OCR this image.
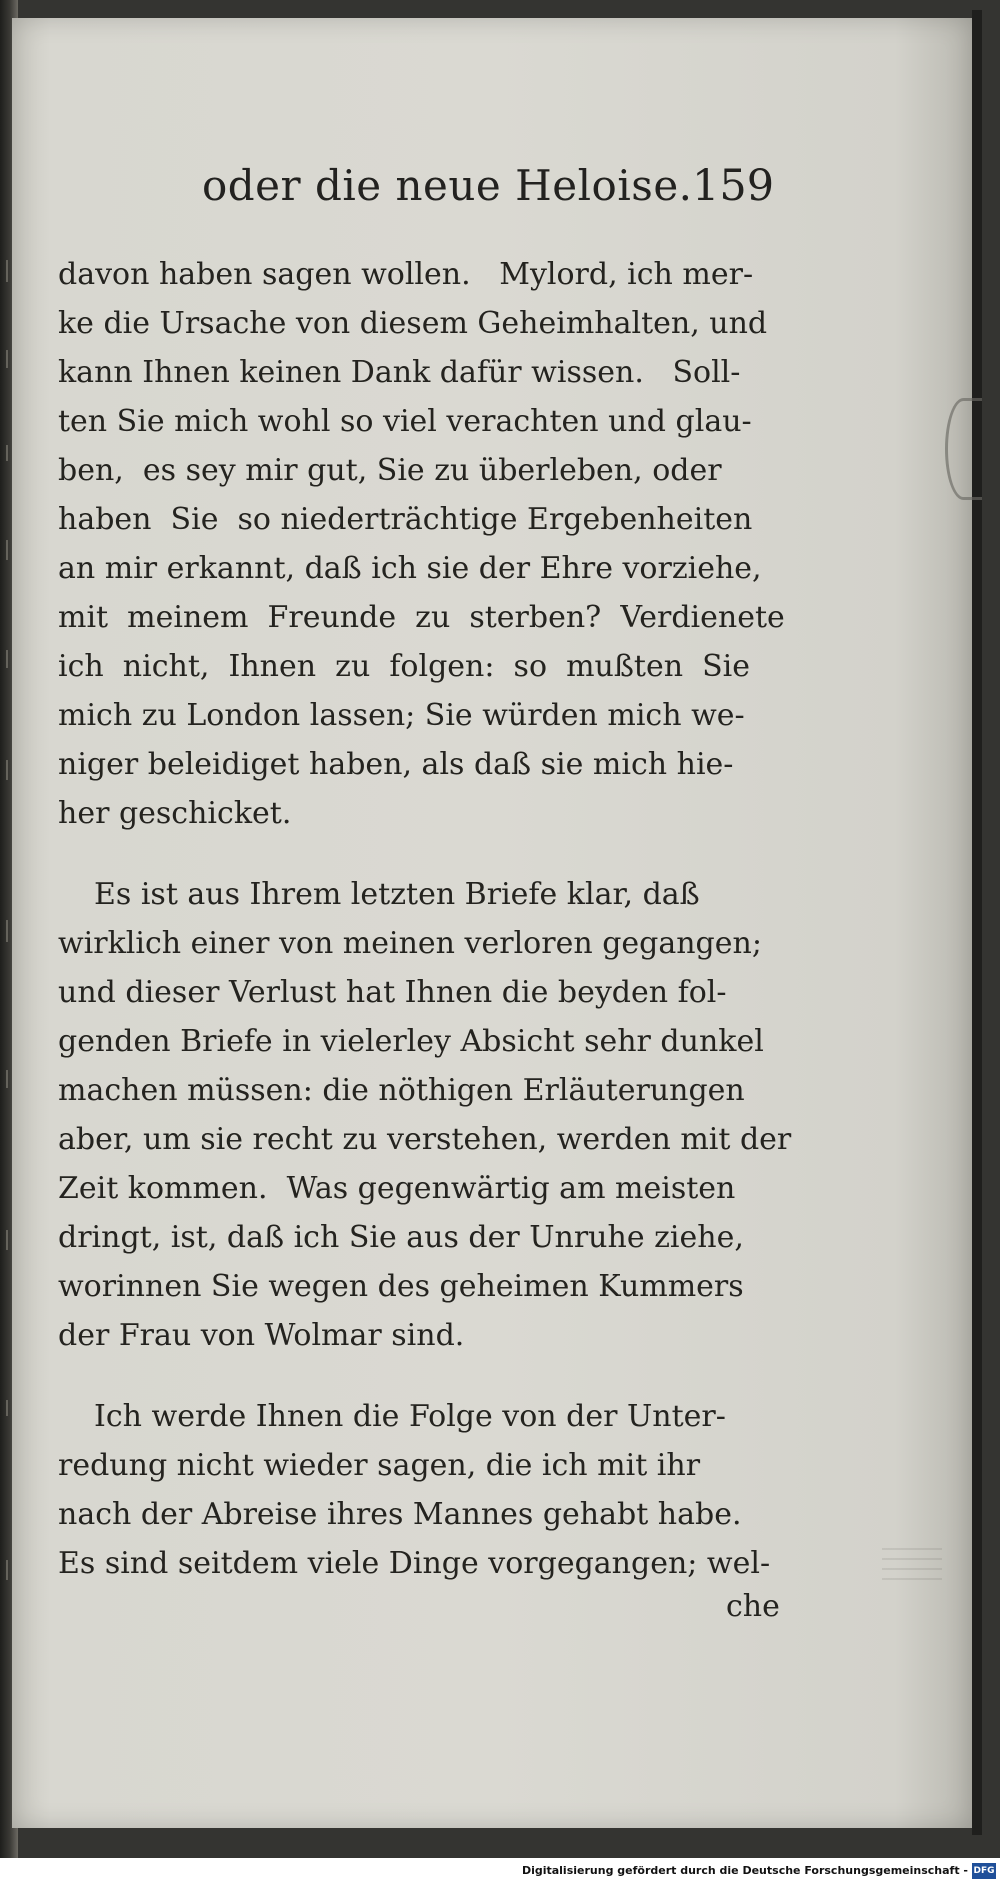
oder die neue Heloise. 159
davon haben sagen wollen.   Mylord, ich mer-
ke die Ursache von diesem Geheimhalten, und
kann Ihnen keinen Dank dafür wissen.   Soll-
ten Sie mich wohl so viel verachten und glau-
ben,  es sey mir gut, Sie zu überleben, oder
haben  Sie  so niederträchtige Ergebenheiten
an mir erkannt, daß ich sie der Ehre vorziehe,
mit  meinem  Freunde  zu  sterben?  Verdienete
ich  nicht,  Ihnen  zu  folgen:  so  mußten  Sie
mich zu London lassen; Sie würden mich we-
niger beleidiget haben, als daß sie mich hie-
her geschicket.
Es ist aus Ihrem letzten Briefe klar, daß
wirklich einer von meinen verloren gegangen;
und dieser Verlust hat Ihnen die beyden fol-
genden Briefe in vielerley Absicht sehr dunkel
machen müssen: die nöthigen Erläuterungen
aber, um sie recht zu verstehen, werden mit der
Zeit kommen.  Was gegenwärtig am meisten
dringt, ist, daß ich Sie aus der Unruhe ziehe,
worinnen Sie wegen des geheimen Kummers
der Frau von Wolmar sind.
Ich werde Ihnen die Folge von der Unter-
redung nicht wieder sagen, die ich mit ihr
nach der Abreise ihres Mannes gehabt habe.
Es sind seitdem viele Dinge vorgegangen; wel-
che
Digitalisierung gefördert durch die Deutsche Forschungsgemeinschaft - DFG
